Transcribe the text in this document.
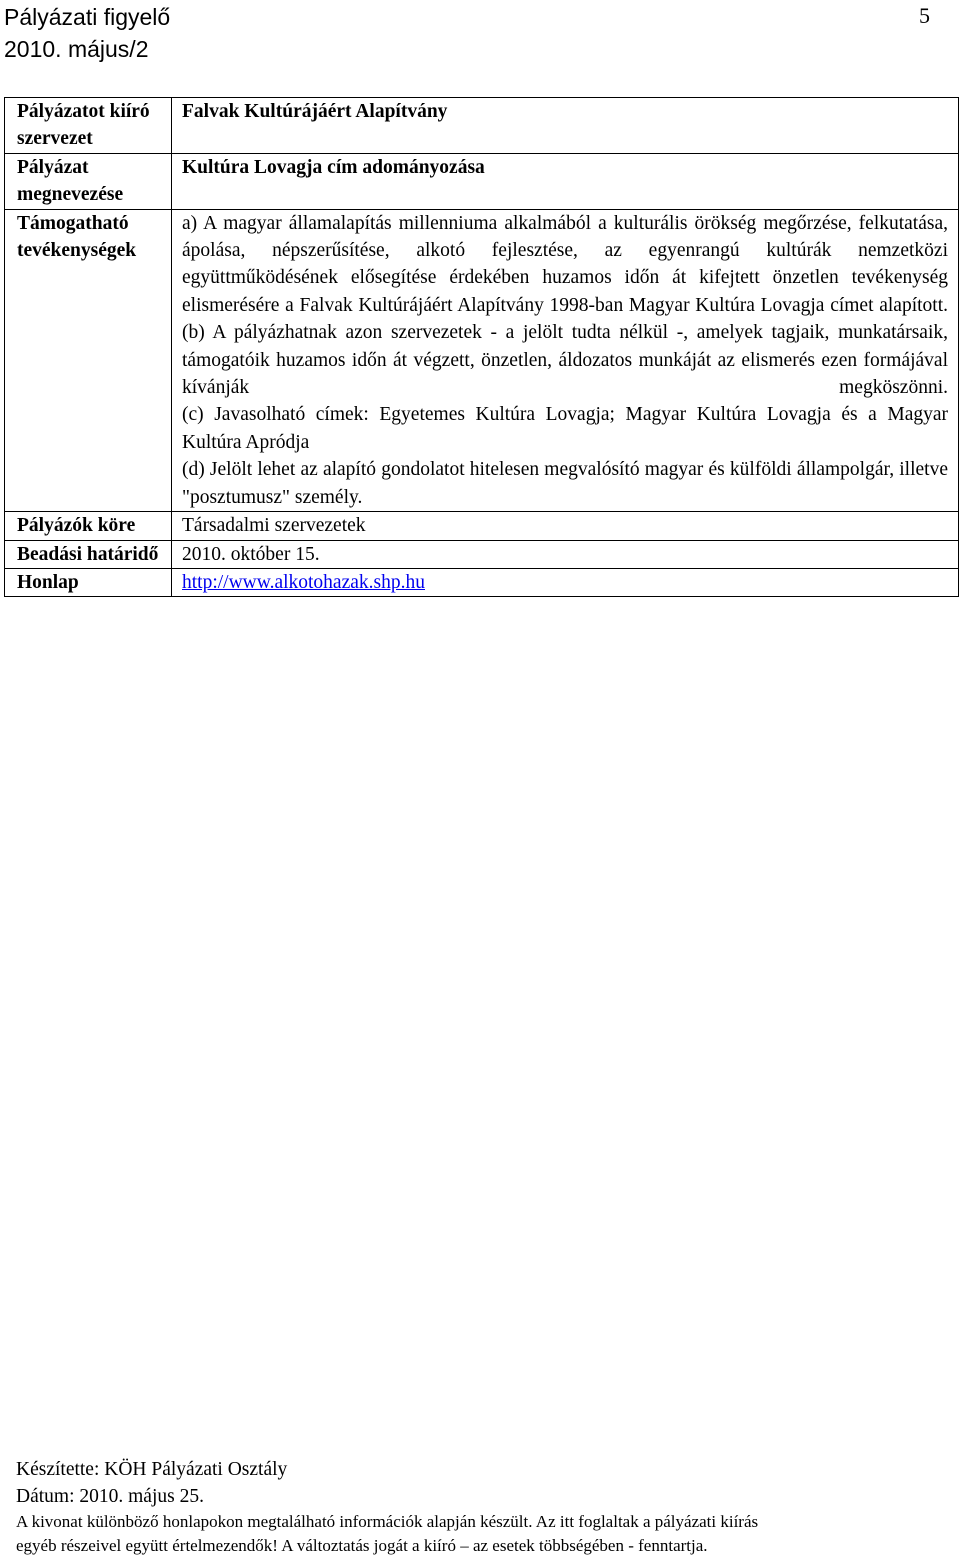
Pályázati figyelő
2010. május/2
5
Pályázatot kiíró szervezet	Falvak Kultúrájáért Alapítvány
Pályázat megnevezése	Kultúra Lovagja cím adományozása
Támogatható tevékenységek	a) A magyar államalapítás millenniuma alkalmából a kulturális örökség megőrzése, felkutatása, ápolása, népszerűsítése, alkotó fejlesztése, az egyenrangú kultúrák nemzetközi együttműködésének elősegítése érdekében huzamos időn át kifejtett önzetlen tevékenység elismerésére a Falvak Kultúrájáért Alapítvány 1998-ban Magyar Kultúra Lovagja címet alapított.
(b) A pályázhatnak azon szervezetek - a jelölt tudta nélkül -, amelyek tagjaik, munkatársaik, támogatóik huzamos időn át végzett, önzetlen, áldozatos munkáját az elismerés ezen formájával kívánják megköszönni.
(c) Javasolható címek: Egyetemes Kultúra Lovagja; Magyar Kultúra Lovagja és a Magyar Kultúra Apródja
(d) Jelölt lehet az alapító gondolatot hitelesen megvalósító magyar és külföldi állampolgár, illetve "posztumusz" személy.

Pályázók köre	Társadalmi szervezetek
Beadási határidő	2010. október 15.
Honlap	http://www.alkotohazak.shp.hu
Készítette: KÖH Pályázati Osztály
Dátum: 2010. május 25.
A kivonat különböző honlapokon megtalálható információk alapján készült. Az itt foglaltak a pályázati kiírás
egyéb részeivel együtt értelmezendők! A változtatás jogát a kiíró – az esetek többségében - fenntartja.
